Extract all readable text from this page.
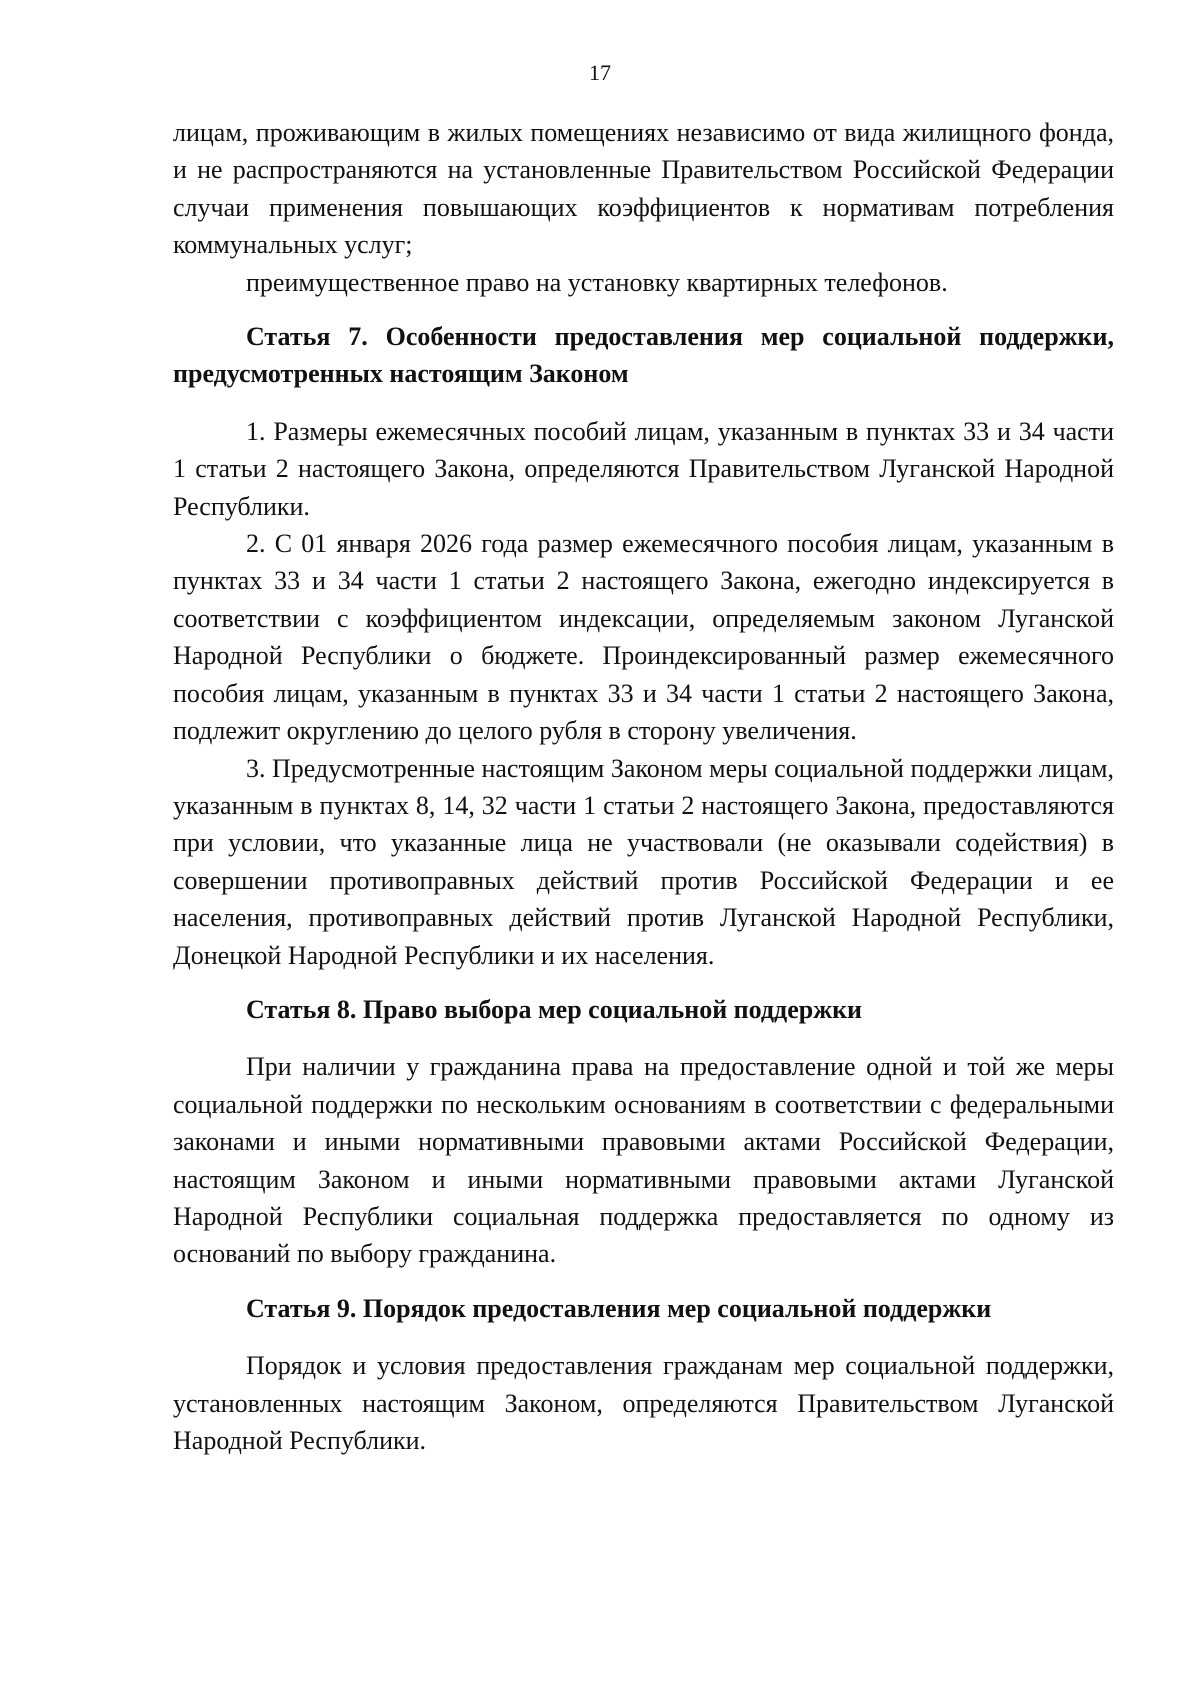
17

лицам, проживающим в жилых помещениях независимо от вида жилищного фонда, и не распространяются на установленные Правительством Российской Федерации случаи применения повышающих коэффициентов к нормативам потребления коммунальных услуг;

преимущественное право на установку квартирных телефонов.

Статья 7. Особенности предоставления мер социальной поддержки, предусмотренных настоящим Законом

1. Размеры ежемесячных пособий лицам, указанным в пунктах 33 и 34 части 1 статьи 2 настоящего Закона, определяются Правительством Луганской Народной Республики.

2. С 01 января 2026 года размер ежемесячного пособия лицам, указанным в пунктах 33 и 34 части 1 статьи 2 настоящего Закона, ежегодно индексируется в соответствии с коэффициентом индексации, определяемым законом Луганской Народной Республики о бюджете. Проиндексированный размер ежемесячного пособия лицам, указанным в пунктах 33 и 34 части 1 статьи 2 настоящего Закона, подлежит округлению до целого рубля в сторону увеличения.

3. Предусмотренные настоящим Законом меры социальной поддержки лицам, указанным в пунктах 8, 14, 32 части 1 статьи 2 настоящего Закона, предоставляются при условии, что указанные лица не участвовали (не оказывали содействия) в совершении противоправных действий против Российской Федерации и ее населения, противоправных действий против Луганской Народной Республики, Донецкой Народной Республики и их населения.

Статья 8. Право выбора мер социальной поддержки

При наличии у гражданина права на предоставление одной и той же меры социальной поддержки по нескольким основаниям в соответствии с федеральными законами и иными нормативными правовыми актами Российской Федерации, настоящим Законом и иными нормативными правовыми актами Луганской Народной Республики социальная поддержка предоставляется по одному из оснований по выбору гражданина.

Статья 9. Порядок предоставления мер социальной поддержки

Порядок и условия предоставления гражданам мер социальной поддержки, установленных настоящим Законом, определяются Правительством Луганской Народной Республики.
